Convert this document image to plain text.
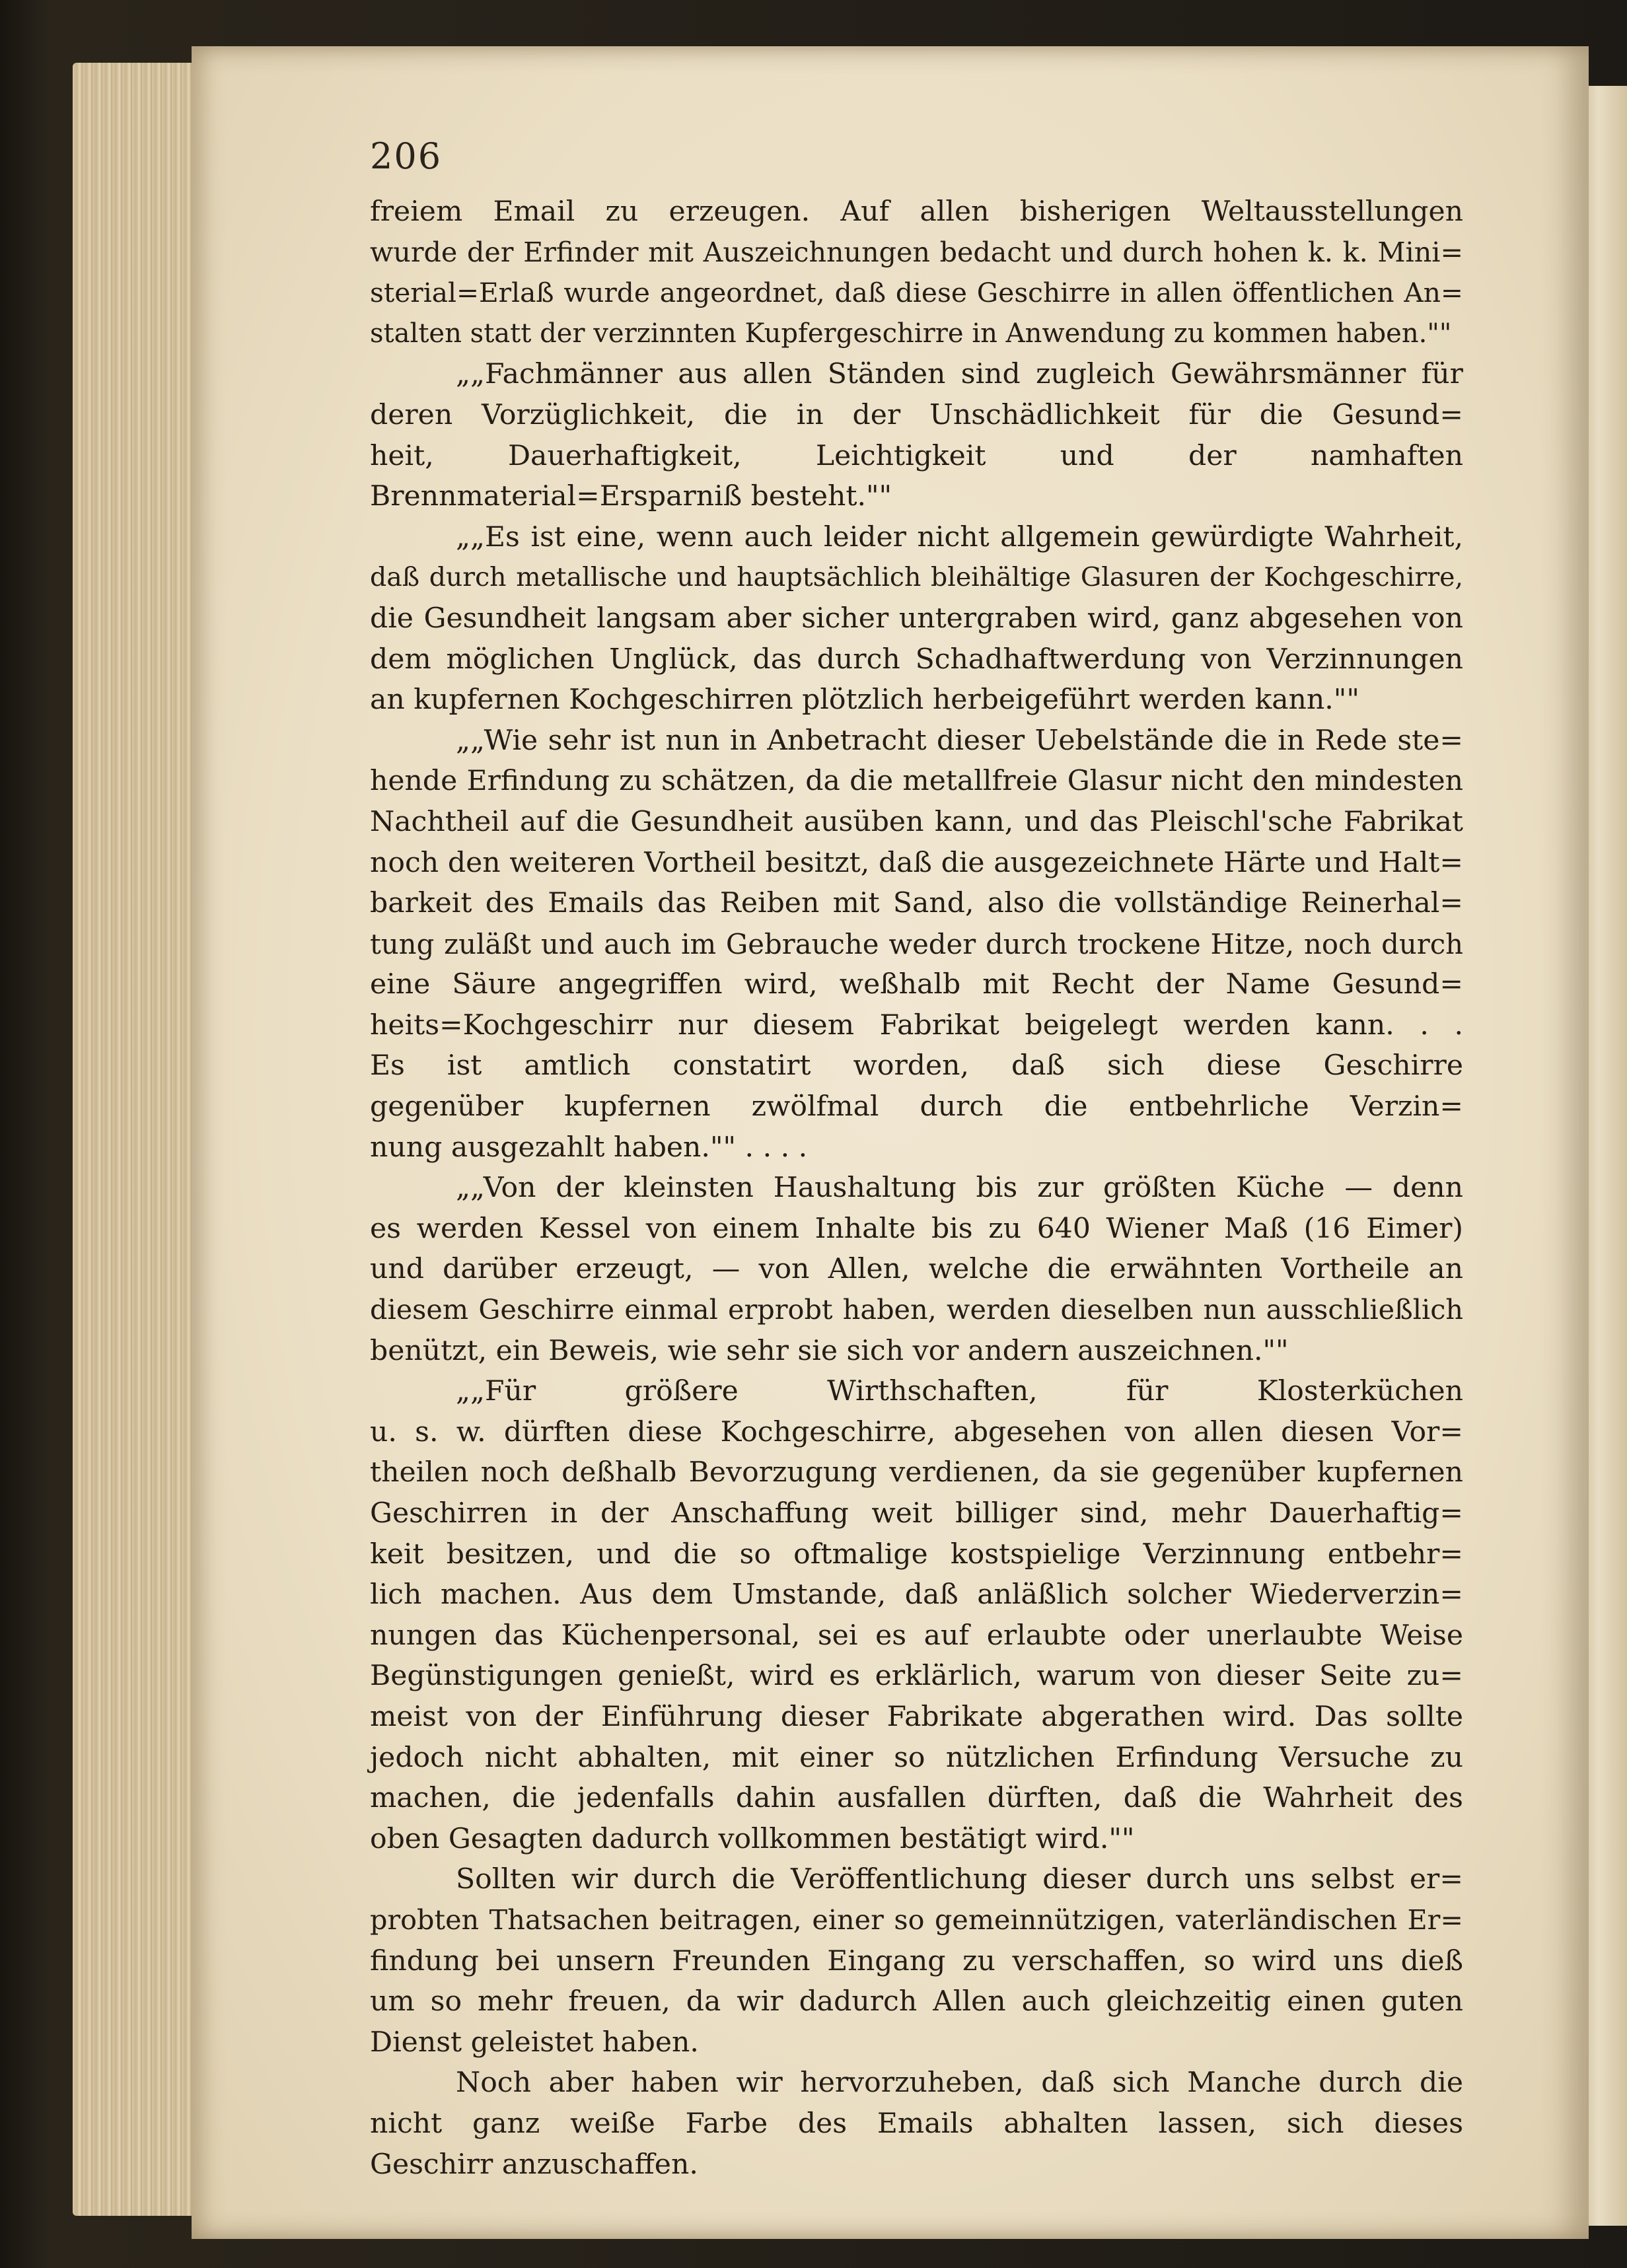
206
freiem Email zu erzeugen. Auf allen bisherigen Weltausstellungen
wurde der Erfinder mit Auszeichnungen bedacht und durch hohen k. k. Mini=
sterial=Erlaß wurde angeordnet, daß diese Geschirre in allen öffentlichen An=
stalten statt der verzinnten Kupfergeschirre in Anwendung zu kommen haben.""
„„Fachmänner aus allen Ständen sind zugleich Gewährsmänner für
deren Vorzüglichkeit, die in der Unschädlichkeit für die Gesund=
heit, Dauerhaftigkeit, Leichtigkeit und der namhaften
Brennmaterial=Ersparniß besteht.""
„„Es ist eine, wenn auch leider nicht allgemein gewürdigte Wahrheit,
daß durch metallische und hauptsächlich bleihältige Glasuren der Kochgeschirre,
die Gesundheit langsam aber sicher untergraben wird, ganz abgesehen von
dem möglichen Unglück, das durch Schadhaftwerdung von Verzinnungen
an kupfernen Kochgeschirren plötzlich herbeigeführt werden kann.""
„„Wie sehr ist nun in Anbetracht dieser Uebelstände die in Rede ste=
hende Erfindung zu schätzen, da die metallfreie Glasur nicht den mindesten
Nachtheil auf die Gesundheit ausüben kann, und das Pleischl'sche Fabrikat
noch den weiteren Vortheil besitzt, daß die ausgezeichnete Härte und Halt=
barkeit des Emails das Reiben mit Sand, also die vollständige Reinerhal=
tung zuläßt und auch im Gebrauche weder durch trockene Hitze, noch durch
eine Säure angegriffen wird, weßhalb mit Recht der Name Gesund=
heits=Kochgeschirr nur diesem Fabrikat beigelegt werden kann. . .
Es ist amtlich constatirt worden, daß sich diese Geschirre
gegenüber kupfernen zwölfmal durch die entbehrliche Verzin=
nung ausgezahlt haben."" . . . .
„„Von der kleinsten Haushaltung bis zur größten Küche — denn
es werden Kessel von einem Inhalte bis zu 640 Wiener Maß (16 Eimer)
und darüber erzeugt, — von Allen, welche die erwähnten Vortheile an
diesem Geschirre einmal erprobt haben, werden dieselben nun ausschließlich
benützt, ein Beweis, wie sehr sie sich vor andern auszeichnen.""
„„Für größere Wirthschaften, für Klosterküchen
u. s. w. dürften diese Kochgeschirre, abgesehen von allen diesen Vor=
theilen noch deßhalb Bevorzugung verdienen, da sie gegenüber kupfernen
Geschirren in der Anschaffung weit billiger sind, mehr Dauerhaftig=
keit besitzen, und die so oftmalige kostspielige Verzinnung entbehr=
lich machen. Aus dem Umstande, daß anläßlich solcher Wiederverzin=
nungen das Küchenpersonal, sei es auf erlaubte oder unerlaubte Weise
Begünstigungen genießt, wird es erklärlich, warum von dieser Seite zu=
meist von der Einführung dieser Fabrikate abgerathen wird. Das sollte
jedoch nicht abhalten, mit einer so nützlichen Erfindung Versuche zu
machen, die jedenfalls dahin ausfallen dürften, daß die Wahrheit des
oben Gesagten dadurch vollkommen bestätigt wird.""
Sollten wir durch die Veröffentlichung dieser durch uns selbst er=
probten Thatsachen beitragen, einer so gemeinnützigen, vaterländischen Er=
findung bei unsern Freunden Eingang zu verschaffen, so wird uns dieß
um so mehr freuen, da wir dadurch Allen auch gleichzeitig einen guten
Dienst geleistet haben.
Noch aber haben wir hervorzuheben, daß sich Manche durch die
nicht ganz weiße Farbe des Emails abhalten lassen, sich dieses
Geschirr anzuschaffen.
